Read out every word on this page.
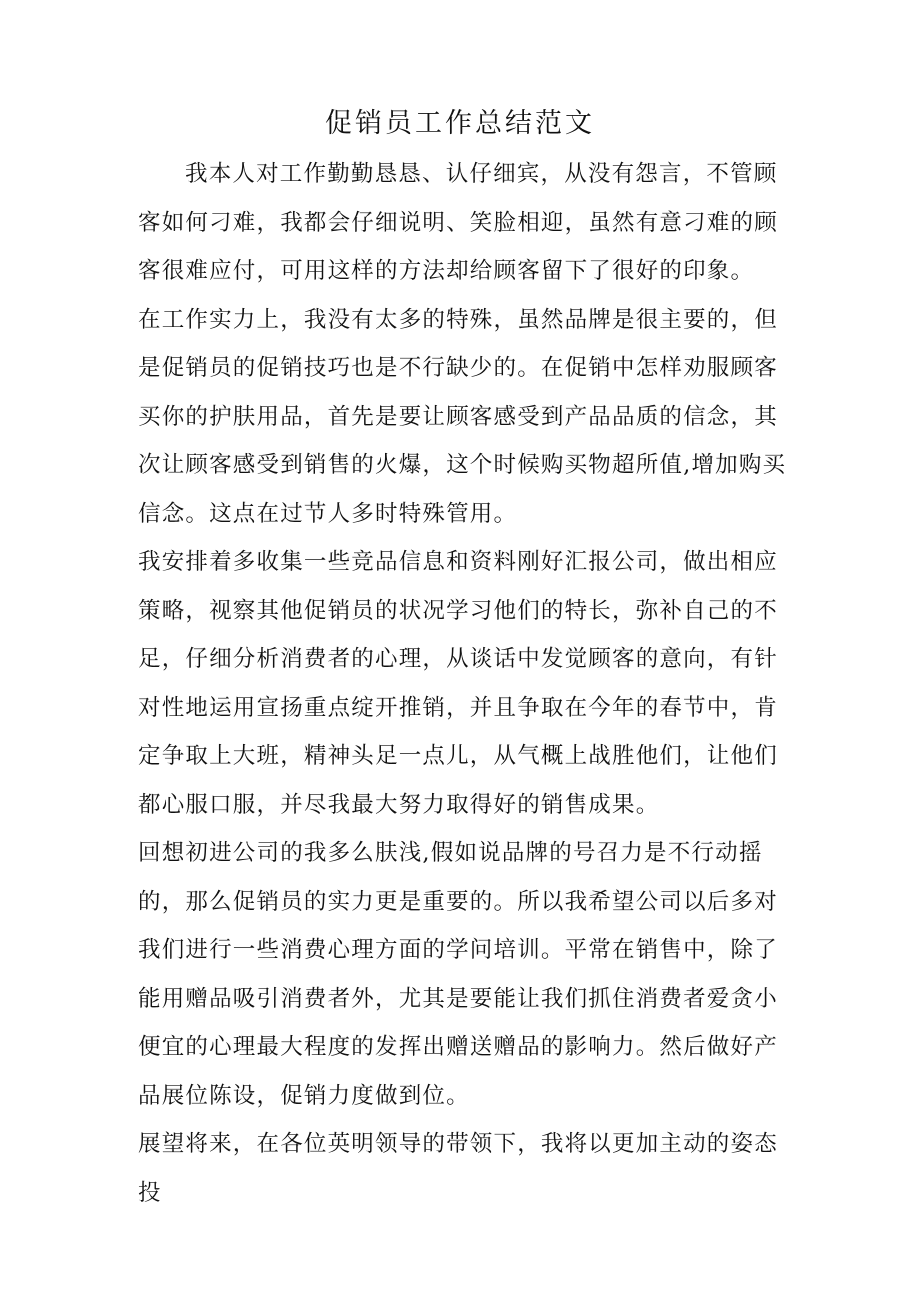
促销员工作总结范文

我本人对工作勤勤恳恳、认仔细宾，从没有怨言，不管顾客如何刁难，我都会仔细说明、笑脸相迎，虽然有意刁难的顾客很难应付，可用这样的方法却给顾客留下了很好的印象。

在工作实力上，我没有太多的特殊，虽然品牌是很主要的，但是促销员的促销技巧也是不行缺少的。在促销中怎样劝服顾客买你的护肤用品，首先是要让顾客感受到产品品质的信念，其次让顾客感受到销售的火爆，这个时候购买物超所值,增加购买信念。这点在过节人多时特殊管用。

我安排着多收集一些竞品信息和资料刚好汇报公司，做出相应策略，视察其他促销员的状况学习他们的特长，弥补自己的不足，仔细分析消费者的心理，从谈话中发觉顾客的意向，有针对性地运用宣扬重点绽开推销，并且争取在今年的春节中，肯定争取上大班，精神头足一点儿，从气概上战胜他们，让他们都心服口服，并尽我最大努力取得好的销售成果。

回想初进公司的我多么肤浅,假如说品牌的号召力是不行动摇的，那么促销员的实力更是重要的。所以我希望公司以后多对我们进行一些消费心理方面的学问培训。平常在销售中，除了能用赠品吸引消费者外，尤其是要能让我们抓住消费者爱贪小便宜的心理最大程度的发挥出赠送赠品的影响力。然后做好产品展位陈设，促销力度做到位。

展望将来，在各位英明领导的带领下，我将以更加主动的姿态投
